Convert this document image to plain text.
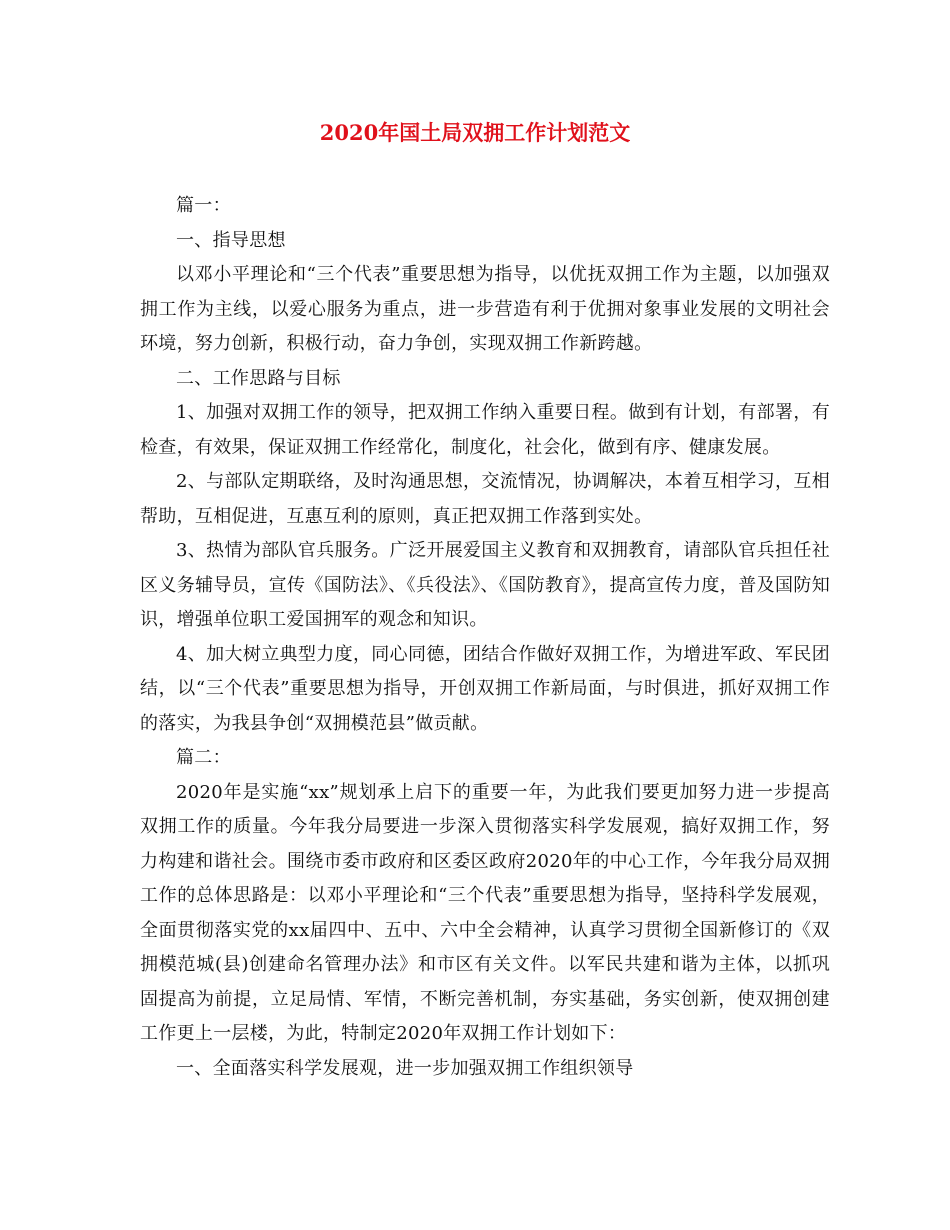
2020年国土局双拥工作计划范文

篇一：

一、指导思想

以邓小平理论和“三个代表”重要思想为指导，以优抚双拥工作为主题，以加强双拥工作为主线，以爱心服务为重点，进一步营造有利于优拥对象事业发展的文明社会环境，努力创新，积极行动，奋力争创，实现双拥工作新跨越。

二、工作思路与目标

1、加强对双拥工作的领导，把双拥工作纳入重要日程。做到有计划，有部署，有检查，有效果，保证双拥工作经常化，制度化，社会化，做到有序、健康发展。

2、与部队定期联络，及时沟通思想，交流情况，协调解决，本着互相学习，互相帮助，互相促进，互惠互利的原则，真正把双拥工作落到实处。

3、热情为部队官兵服务。广泛开展爱国主义教育和双拥教育，请部队官兵担任社区义务辅导员，宣传《国防法》、《兵役法》、《国防教育》，提高宣传力度，普及国防知识，增强单位职工爱国拥军的观念和知识。

4、加大树立典型力度，同心同德，团结合作做好双拥工作，为增进军政、军民团结，以“三个代表”重要思想为指导，开创双拥工作新局面，与时俱进，抓好双拥工作的落实，为我县争创“双拥模范县”做贡献。

篇二：

2020年是实施“xx”规划承上启下的重要一年，为此我们要更加努力进一步提高双拥工作的质量。今年我分局要进一步深入贯彻落实科学发展观，搞好双拥工作，努力构建和谐社会。围绕市委市政府和区委区政府2020年的中心工作，今年我分局双拥工作的总体思路是：以邓小平理论和“三个代表”重要思想为指导，坚持科学发展观，全面贯彻落实党的xx届四中、五中、六中全会精神，认真学习贯彻全国新修订的《双拥模范城(县)创建命名管理办法》和市区有关文件。以军民共建和谐为主体，以抓巩固提高为前提，立足局情、军情，不断完善机制，夯实基础，务实创新，使双拥创建工作更上一层楼，为此，特制定2020年双拥工作计划如下：

一、全面落实科学发展观，进一步加强双拥工作组织领导
